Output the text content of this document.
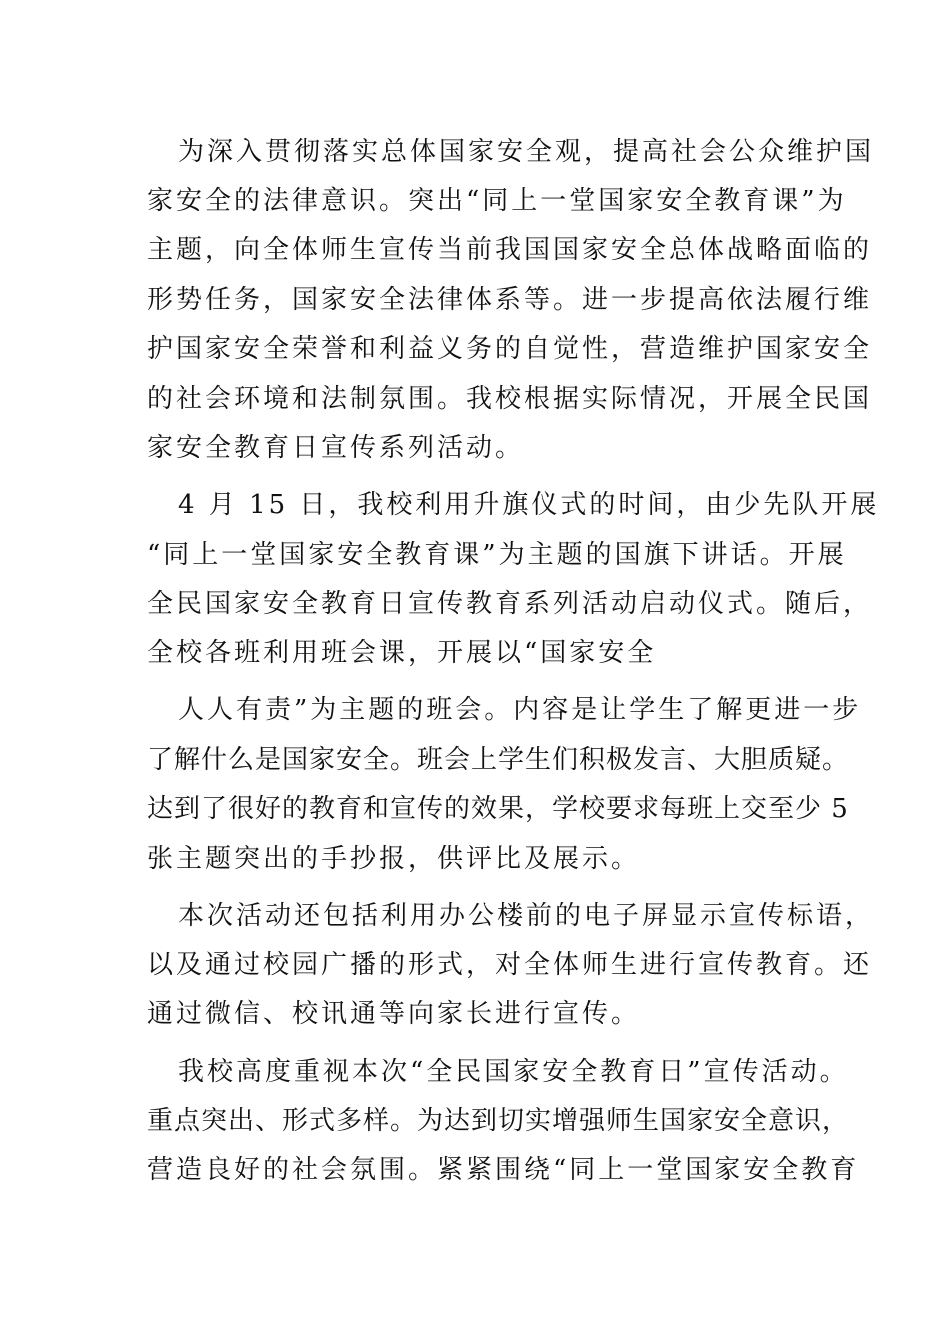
为深入贯彻落实总体国家安全观，提高社会公众维护国
家安全的法律意识。突出“同上一堂国家安全教育课”为
主题，向全体师生宣传当前我国国家安全总体战略面临的
形势任务，国家安全法律体系等。进一步提高依法履行维
护国家安全荣誉和利益义务的自觉性，营造维护国家安全
的社会环境和法制氛围。我校根据实际情况，开展全民国
家安全教育日宣传系列活动。
4 月 15 日，我校利用升旗仪式的时间，由少先队开展
“同上一堂国家安全教育课”为主题的国旗下讲话。开展
全民国家安全教育日宣传教育系列活动启动仪式。随后，
全校各班利用班会课，开展以“国家安全
人人有责”为主题的班会。内容是让学生了解更进一步
了解什么是国家安全。班会上学生们积极发言、大胆质疑。
达到了很好的教育和宣传的效果，学校要求每班上交至少 5
张主题突出的手抄报，供评比及展示。
本次活动还包括利用办公楼前的电子屏显示宣传标语，
以及通过校园广播的形式，对全体师生进行宣传教育。还
通过微信、校讯通等向家长进行宣传。
我校高度重视本次“全民国家安全教育日”宣传活动。
重点突出、形式多样。为达到切实增强师生国家安全意识，
营造良好的社会氛围。紧紧围绕“同上一堂国家安全教育
